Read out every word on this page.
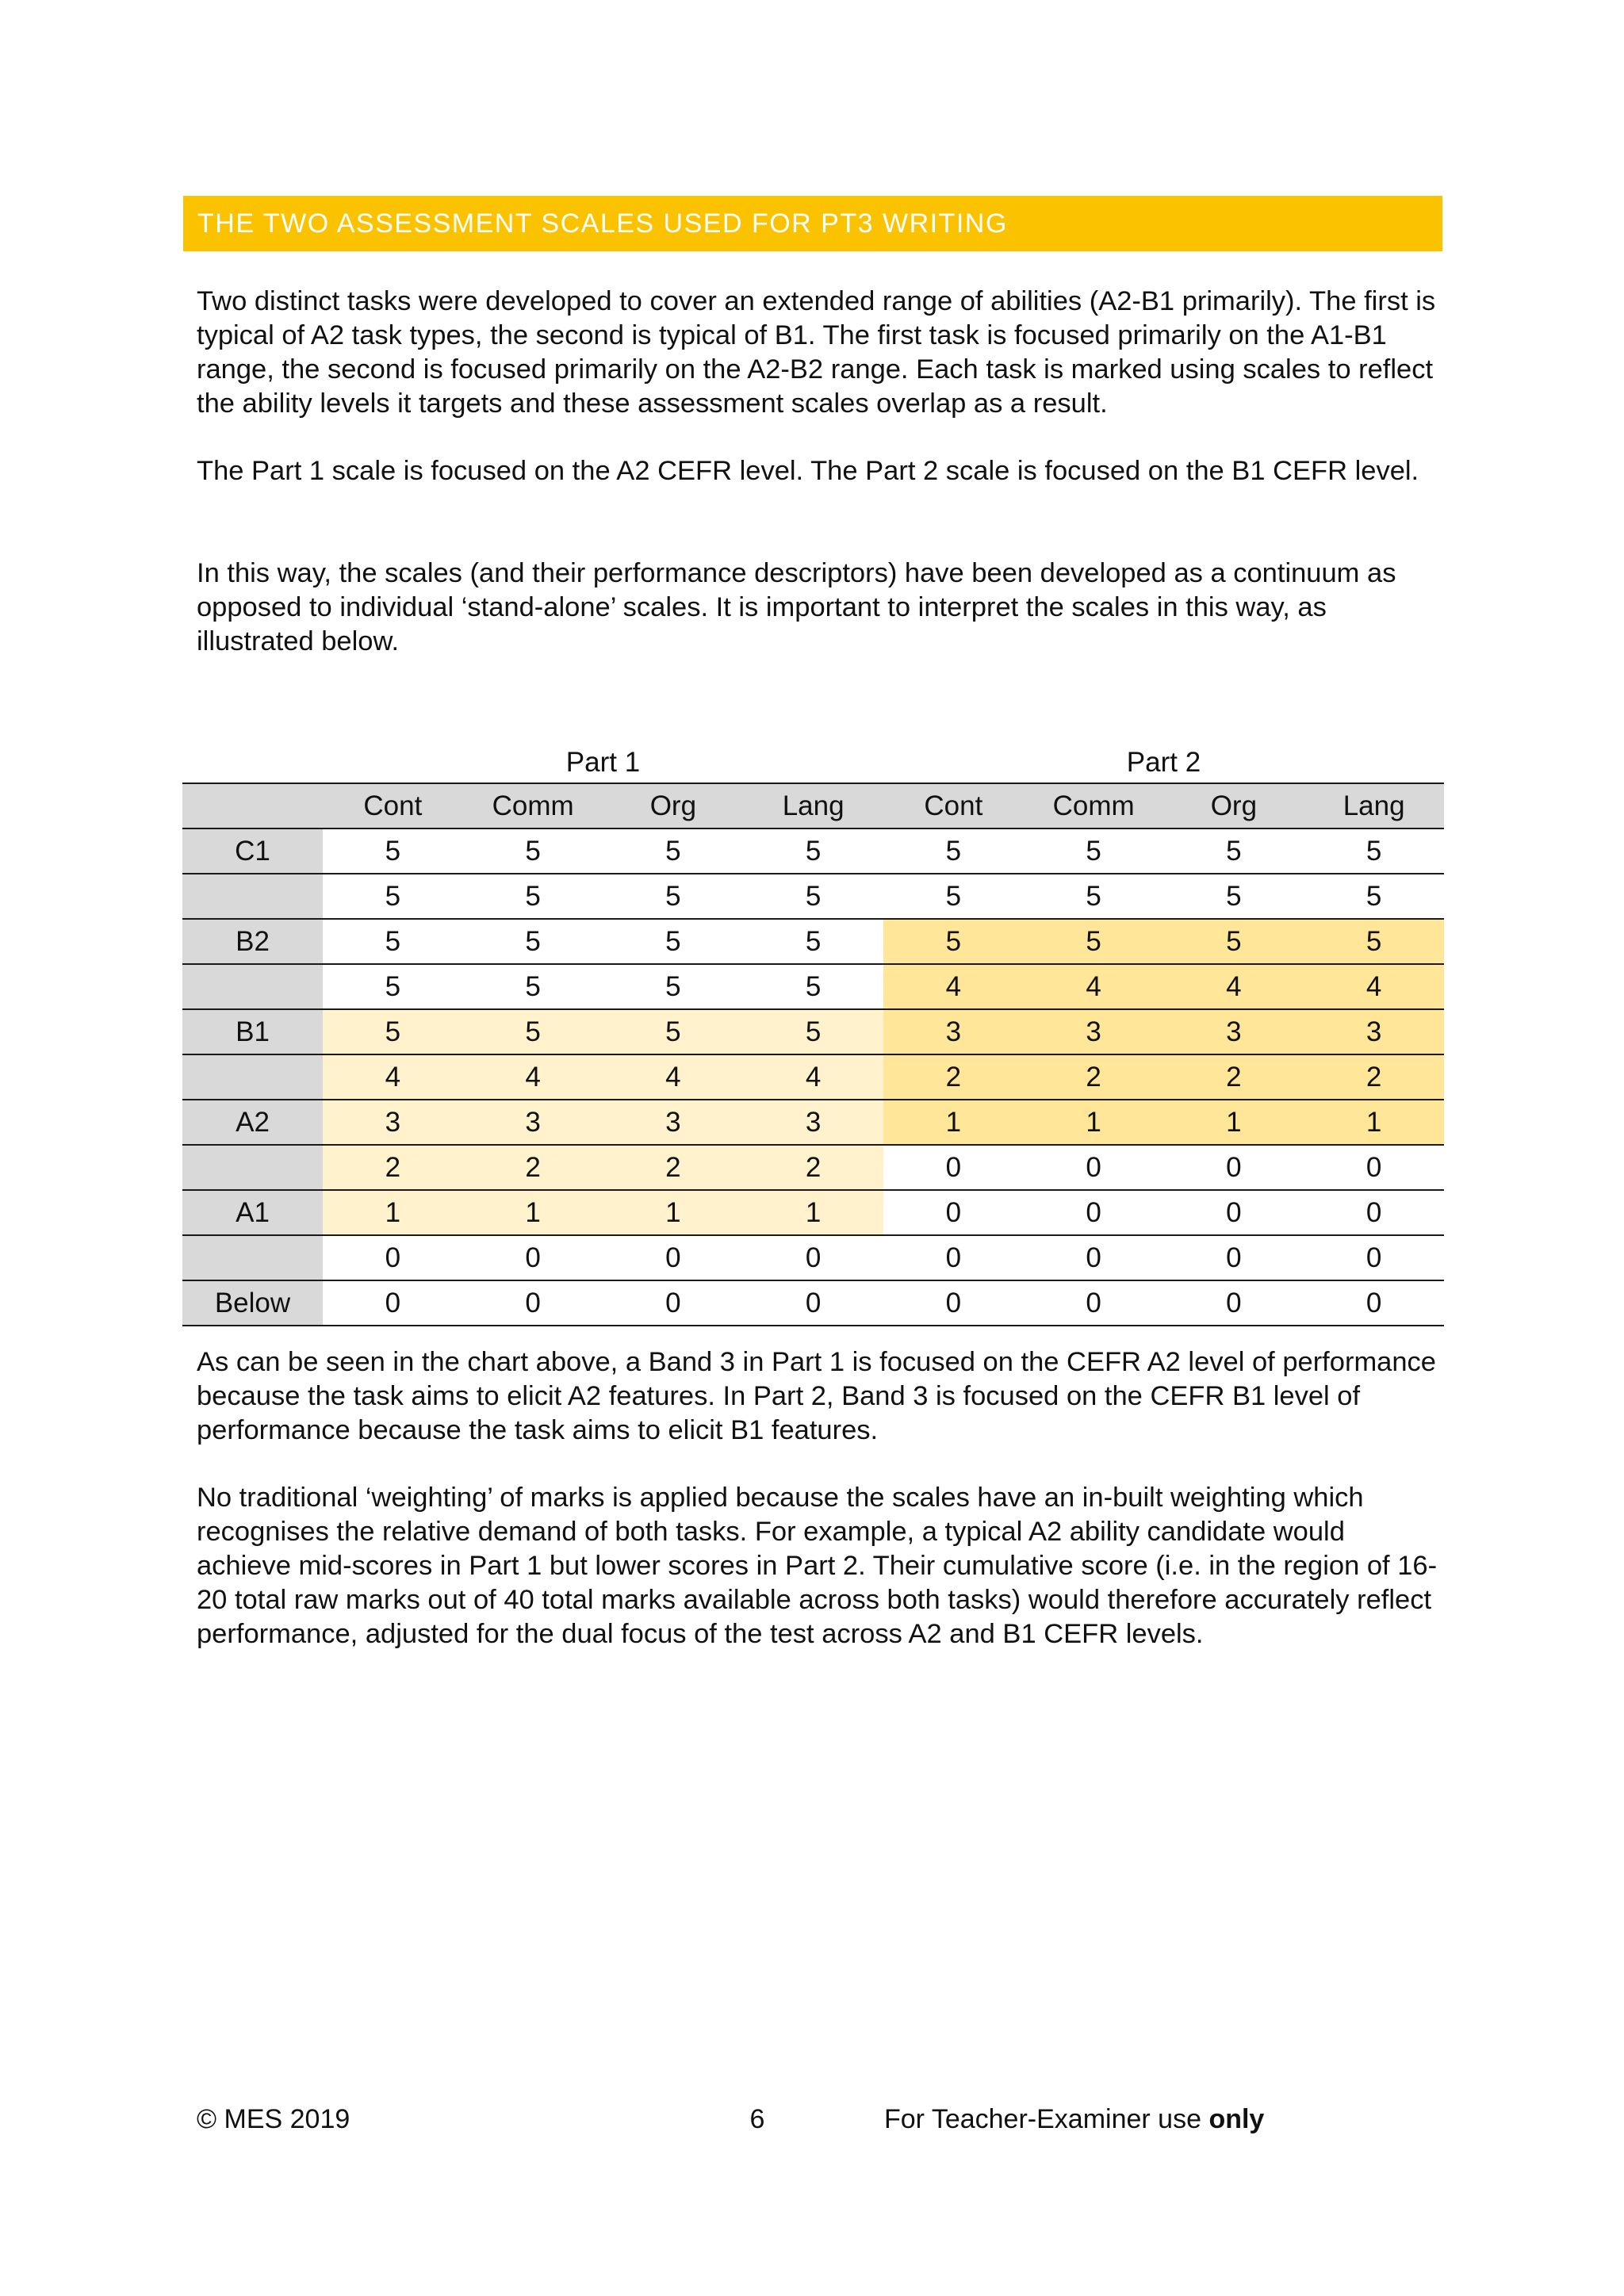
THE TWO ASSESSMENT SCALES USED FOR PT3 WRITING

Two distinct tasks were developed to cover an extended range of abilities (A2-B1 primarily). The first is typical of A2 task types, the second is typical of B1. The first task is focused primarily on the A1-B1 range, the second is focused primarily on the A2-B2 range. Each task is marked using scales to reflect the ability levels it targets and these assessment scales overlap as a result.

The Part 1 scale is focused on the A2 CEFR level. The Part 2 scale is focused on the B1 CEFR level.

In this way, the scales (and their performance descriptors) have been developed as a continuum as opposed to individual ‘stand-alone’ scales. It is important to interpret the scales in this way, as illustrated below.

Part 1	Part 2
	Cont	Comm	Org	Lang	Cont	Comm	Org	Lang
C1	5	5	5	5	5	5	5	5
	5	5	5	5	5	5	5	5
B2	5	5	5	5	5	5	5	5
	5	5	5	5	4	4	4	4
B1	5	5	5	5	3	3	3	3
	4	4	4	4	2	2	2	2
A2	3	3	3	3	1	1	1	1
	2	2	2	2	0	0	0	0
A1	1	1	1	1	0	0	0	0
	0	0	0	0	0	0	0	0
Below	0	0	0	0	0	0	0	0

As can be seen in the chart above, a Band 3 in Part 1 is focused on the CEFR A2 level of performance because the task aims to elicit A2 features. In Part 2, Band 3 is focused on the CEFR B1 level of performance because the task aims to elicit B1 features.

No traditional ‘weighting’ of marks is applied because the scales have an in-built weighting which recognises the relative demand of both tasks. For example, a typical A2 ability candidate would achieve mid-scores in Part 1 but lower scores in Part 2. Their cumulative score (i.e. in the region of 16-20 total raw marks out of 40 total marks available across both tasks) would therefore accurately reflect performance, adjusted for the dual focus of the test across A2 and B1 CEFR levels.

© MES 2019	6	For Teacher-Examiner use only
